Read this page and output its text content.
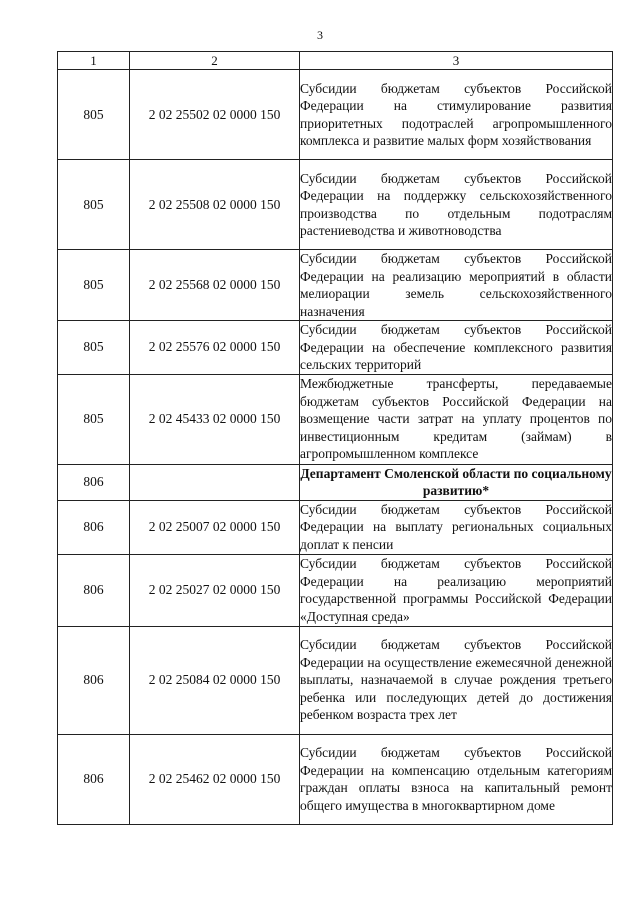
3
1	2	3
805	2 02 25502 02 0000 150	Субсидии бюджетам субъектов Российской Федерации на стимулирование развития приоритетных подотраслей агропромышленного комплекса и развитие малых форм хозяйствования
805	2 02 25508 02 0000 150	Субсидии бюджетам субъектов Российской Федерации на поддержку сельскохозяйственного производства по отдельным подотраслям растениеводства и животноводства
805	2 02 25568 02 0000 150	Субсидии бюджетам субъектов Российской Федерации на реализацию мероприятий в области мелиорации земель сельскохозяйственного назначения
805	2 02 25576 02 0000 150	Субсидии бюджетам субъектов Российской Федерации на обеспечение комплексного развития сельских территорий
805	2 02 45433 02 0000 150	Межбюджетные трансферты, передаваемые бюджетам субъектов Российской Федерации на возмещение части затрат на уплату процентов по инвестиционным кредитам (займам) в агропромышленном комплексе
806		Департамент Смоленской области по социальному развитию*
806	2 02 25007 02 0000 150	Субсидии бюджетам субъектов Российской Федерации на выплату региональных социальных доплат к пенсии
806	2 02 25027 02 0000 150	Субсидии бюджетам субъектов Российской Федерации на реализацию мероприятий государственной программы Российской Федерации «Доступная среда»
806	2 02 25084 02 0000 150	Субсидии бюджетам субъектов Российской Федерации на осуществление ежемесячной денежной выплаты, назначаемой в случае рождения третьего ребенка или последующих детей до достижения ребенком возраста трех лет
806	2 02 25462 02 0000 150	Субсидии бюджетам субъектов Российской Федерации на компенсацию отдельным категориям граждан оплаты взноса на капитальный ремонт общего имущества в многоквартирном доме
